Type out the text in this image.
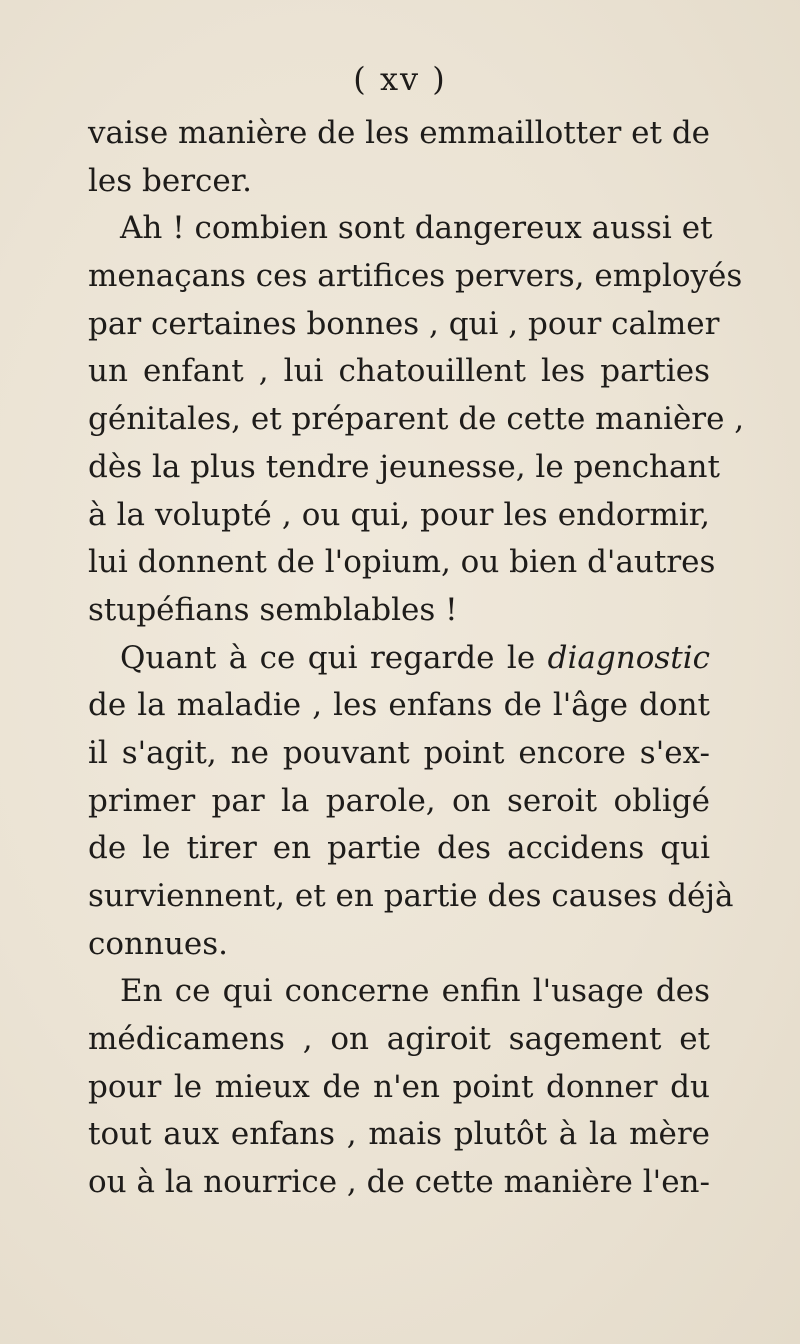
( xv )
vaise manière de les emmaillotter et de
les bercer.
Ah ! combien sont dangereux aussi et
menaçans ces artifices pervers, employés
par certaines bonnes , qui , pour calmer
un enfant , lui chatouillent les parties
génitales, et préparent de cette manière ,
dès la plus tendre jeunesse, le penchant
à la volupté , ou qui, pour les endormir,
lui donnent de l'opium, ou bien d'autres
stupéfians semblables !
Quant à ce qui regarde le diagnostic
de la maladie , les enfans de l'âge dont
il s'agit, ne pouvant point encore s'ex-
primer par la parole, on seroit obligé
de le tirer en partie des accidens qui
surviennent, et en partie des causes déjà
connues.
En ce qui concerne enfin l'usage des
médicamens , on agiroit sagement et
pour le mieux de n'en point donner du
tout aux enfans , mais plutôt à la mère
ou à la nourrice , de cette manière l'en-
